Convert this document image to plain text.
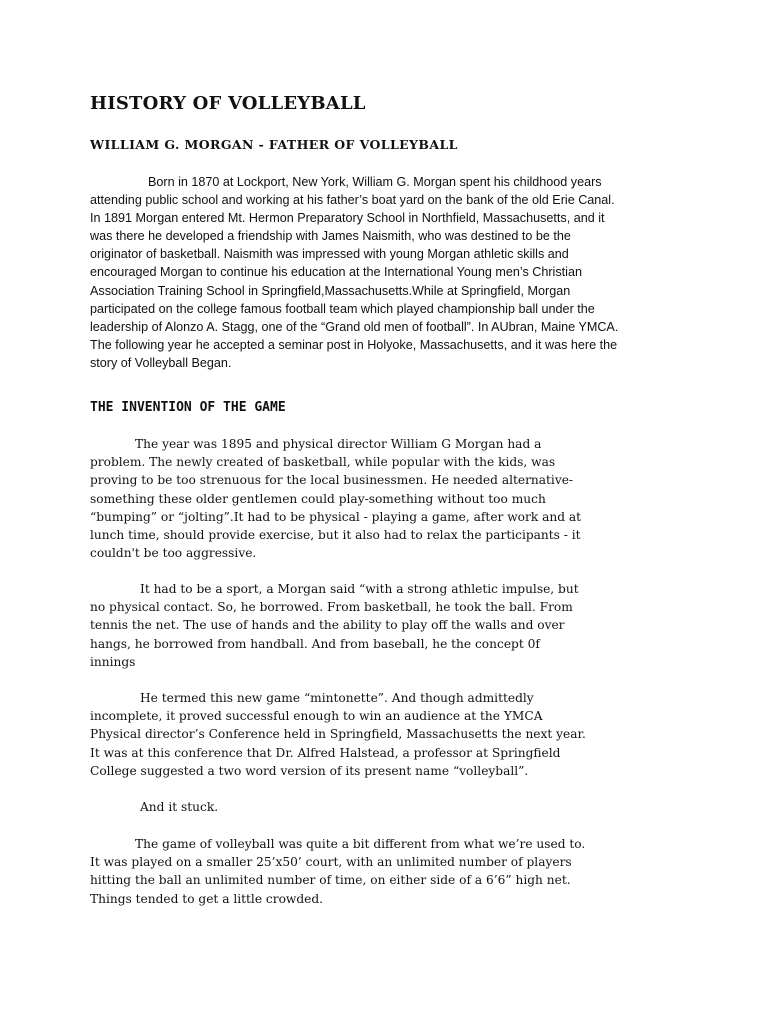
HISTORY OF VOLLEYBALL
WILLIAM G. MORGAN - FATHER OF VOLLEYBALL

Born in 1870 at Lockport, New York, William G. Morgan spent his childhood years
attending public school and working at his father’s boat yard on the bank of the old Erie Canal.
In 1891 Morgan entered Mt. Hermon Preparatory School in Northfield, Massachusetts, and it
was there he developed a friendship with James Naismith, who was destined to be the
originator of basketball. Naismith was impressed with young Morgan athletic skills and
encouraged Morgan to continue his education at the International Young men’s Christian
Association Training School in Springfield,Massachusetts.While at Springfield, Morgan
participated on the college famous football team which played championship ball under the
leadership of Alonzo A. Stagg, one of the “Grand old men of football”. In AUbran, Maine YMCA.
The following year he accepted a seminar post in Holyoke, Massachusetts, and it was here the
story of Volleyball Began.

THE INVENTION OF THE GAME

The year was 1895 and physical director William G Morgan had a
problem. The newly created of basketball, while popular with the kids, was
proving to be too strenuous for the local businessmen. He needed alternative-
something these older gentlemen could play-something without too much
“bumping” or “jolting”.It had to be physical - playing a game, after work and at
lunch time, should provide exercise, but it also had to relax the participants - it
couldn't be too aggressive.

It had to be a sport, a Morgan said “with a strong athletic impulse, but
no physical contact. So, he borrowed. From basketball, he took the ball. From
tennis the net. The use of hands and the ability to play off the walls and over
hangs, he borrowed from handball. And from baseball, he the concept 0f
innings

He termed this new game “mintonette”. And though admittedly
incomplete, it proved successful enough to win an audience at the YMCA
Physical director’s Conference held in Springfield, Massachusetts the next year.
It was at this conference that Dr. Alfred Halstead, a professor at Springfield
College suggested a two word version of its present name “volleyball”.

And it stuck.

The game of volleyball was quite a bit different from what we’re used to.
It was played on a smaller 25’x50’ court, with an unlimited number of players
hitting the ball an unlimited number of time, on either side of a 6’6” high net.
Things tended to get a little crowded.
